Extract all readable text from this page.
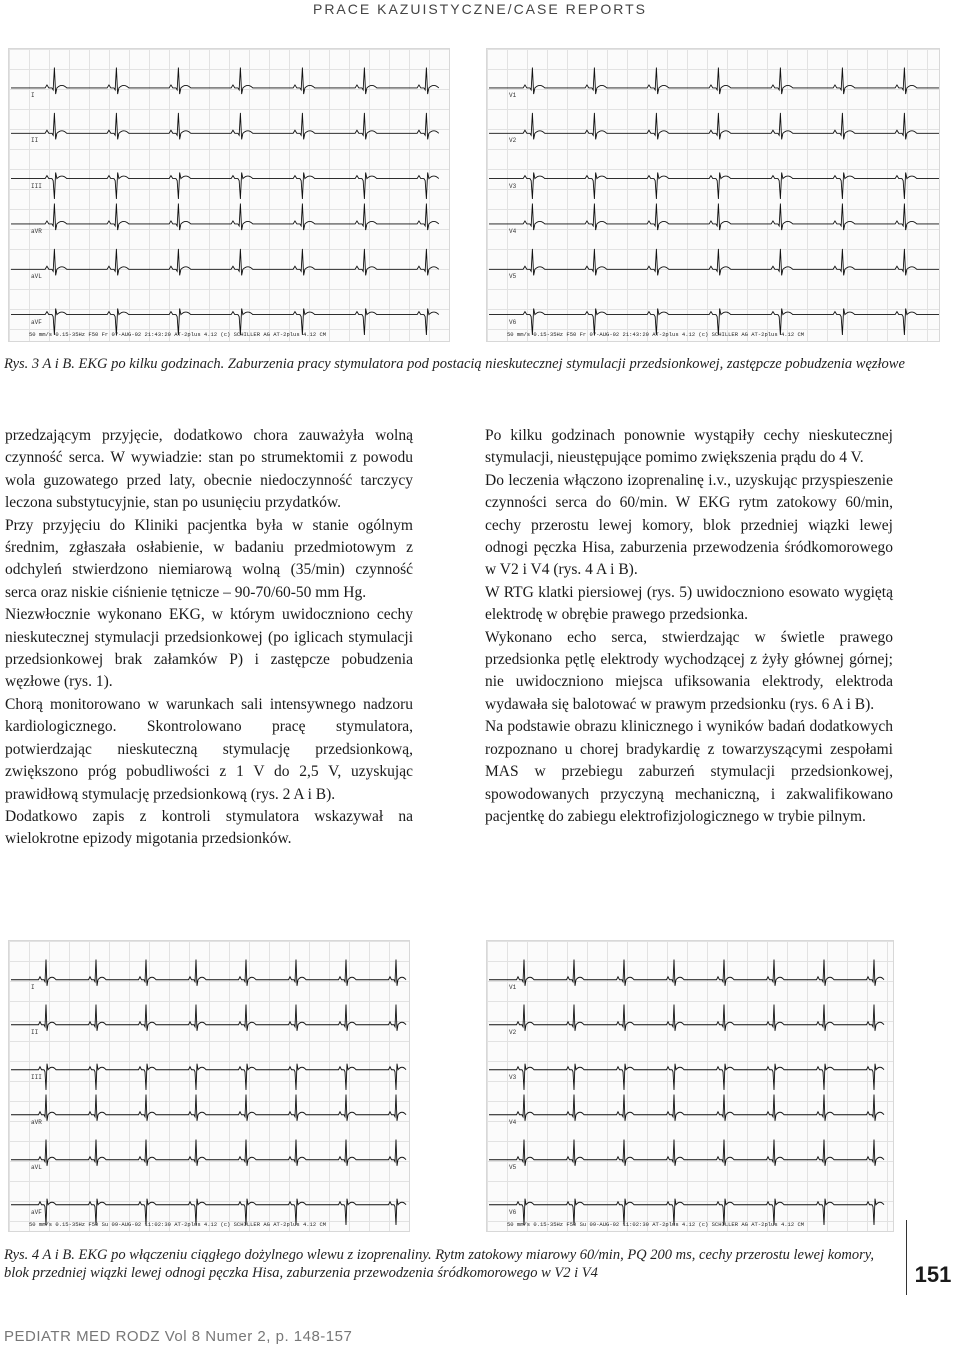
PRACE KAZUISTYCZNE/CASE REPORTS
I
II
III
aVR
aVL
aVF
50 mm/s 0.15-35Hz F50 Fr 07-AUG-02 21:43:20 AT-2plus 4.12 (c) SCHILLER AG AT-2plus 4.12 CM
V1
V2
V3
V4
V5
V6
50 mm/s 0.15-35Hz F50 Fr 07-AUG-02 21:43:20 AT-2plus 4.12 (c) SCHILLER AG AT-2plus 4.12 CM
Rys. 3 A i B. EKG po kilku godzinach. Zaburzenia pracy stymulatora pod postacią nieskutecznej stymulacji przedsionkowej, zastępcze pobudzenia węzłowe

przedzającym przyjęcie, dodatkowo chora zauważyła wolną czynność serca. W wywiadzie: stan po strumektomii z powodu wola guzowatego przed laty, obecnie niedoczynność tarczycy leczona substytucyjnie, stan po usunięciu przydatków.

Przy przyjęciu do Kliniki pacjentka była w stanie ogólnym średnim, zgłaszała osłabienie, w badaniu przedmiotowym z odchyleń stwierdzono niemiarową wolną (35/min) czynność serca oraz niskie ciśnienie tętnicze – 90-70/60-50 mm Hg.

Niezwłocznie wykonano EKG, w którym uwidoczniono cechy nieskutecznej stymulacji przedsionkowej (po iglicach stymulacji przedsionkowej brak załamków P) i zastępcze pobudzenia węzłowe (rys. 1).

Chorą monitorowano w warunkach sali intensywnego nadzoru kardiologicznego. Skontrolowano pracę stymulatora, potwierdzając nieskuteczną stymulację przedsionkową, zwiększono próg pobudliwości z 1 V do 2,5 V, uzyskując prawidłową stymulację przedsionkową (rys. 2 A i B).

Dodatkowo zapis z kontroli stymulatora wskazywał na wielokrotne epizody migotania przedsionków.

Po kilku godzinach ponownie wystąpiły cechy nieskutecznej stymulacji, nieustępujące pomimo zwiększenia prądu do 4 V.

Do leczenia włączono izoprenalinę i.v., uzyskując przyspieszenie czynności serca do 60/min. W EKG rytm zatokowy 60/min, cechy przerostu lewej komory, blok przedniej wiązki lewej odnogi pęczka Hisa, zaburzenia przewodzenia śródkomorowego w V2 i V4 (rys. 4 A i B).

W RTG klatki piersiowej (rys. 5) uwidoczniono esowato wygiętą elektrodę w obrębie prawego przedsionka.

Wykonano echo serca, stwierdzając w świetle prawego przedsionka pętlę elektrody wychodzącej z żyły głównej górnej; nie uwidoczniono miejsca ufiksowania elektrody, elektroda wydawała się balotować w prawym przedsionku (rys. 6 A i B).

Na podstawie obrazu klinicznego i wyników badań dodatkowych rozpoznano u chorej bradykardię z towarzyszącymi zespołami MAS w przebiegu zaburzeń stymulacji przedsionkowej, spowodowanych przyczyną mechaniczną, i zakwalifikowano pacjentkę do zabiegu elektrofizjologicznego w trybie pilnym.

I
II
III
aVR
aVL
aVF
50 mm/s 0.15-35Hz F50 Su 09-AUG-02 11:02:30 AT-2plus 4.12 (c) SCHILLER AG AT-2plus 4.12 CM
V1
V2
V3
V4
V5
V6
50 mm/s 0.15-35Hz F50 Su 09-AUG-02 11:02:30 AT-2plus 4.12 (c) SCHILLER AG AT-2plus 4.12 CM
Rys. 4 A i B. EKG po włączeniu ciągłego dożylnego wlewu z izoprenaliny. Rytm zatokowy miarowy 60/min, PQ 200 ms, cechy przerostu lewej komory, blok przedniej wiązki lewej odnogi pęczka Hisa, zaburzenia przewodzenia śródkomorowego w V2 i V4	151
PEDIATR MED RODZ Vol 8 Numer 2, p. 148-157
